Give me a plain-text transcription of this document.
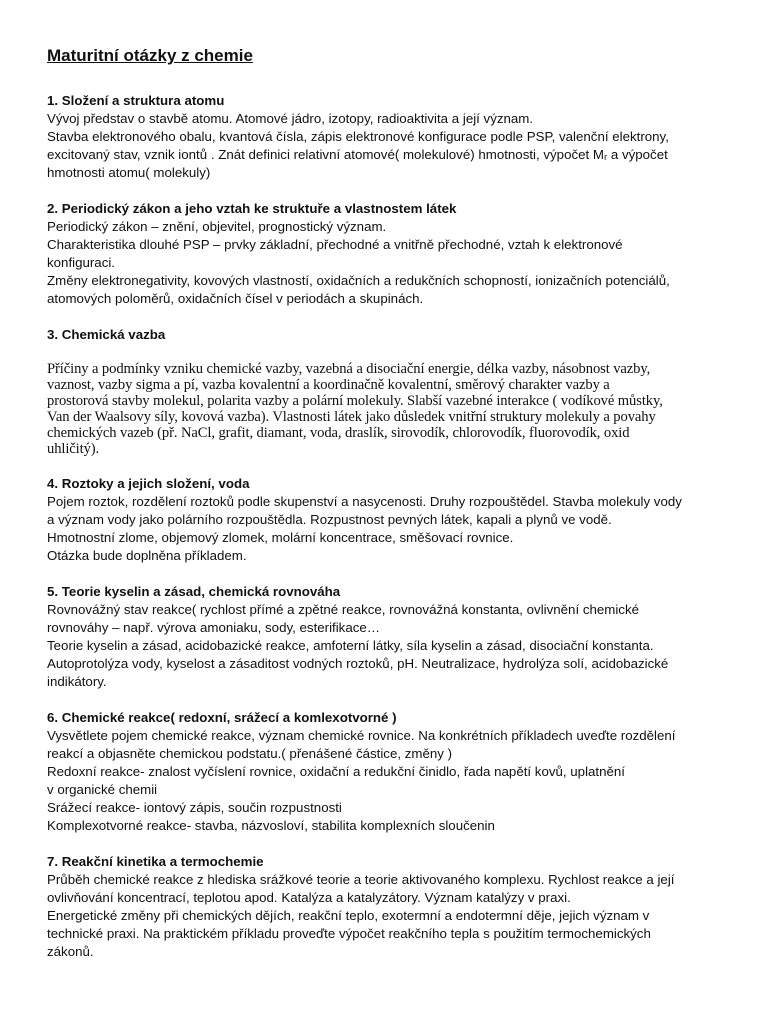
Maturitní otázky z chemie
1. Složení a struktura atomu
Vývoj představ o stavbě atomu. Atomové jádro, izotopy, radioaktivita a její význam.
Stavba elektronového obalu, kvantová čísla, zápis elektronové konfigurace podle PSP, valenční elektrony,
excitovaný stav, vznik iontů . Znát definici relativní atomové( molekulové) hmotnosti, výpočet Mᵣ a výpočet
hmotnosti atomu( molekuly)
2. Periodický zákon a jeho vztah ke struktuře a vlastnostem látek
Periodický zákon – znění, objevitel, prognostický význam.
Charakteristika dlouhé PSP – prvky základní, přechodné a vnitřně přechodné, vztah k elektronové
konfiguraci.
Změny elektronegativity, kovových vlastností, oxidačních a redukčních schopností, ionizačních potenciálů,
atomových poloměrů, oxidačních čísel v periodách a skupinách.
3. Chemická vazba
Příčiny a podmínky vzniku chemické vazby, vazebná a disociační energie, délka vazby, násobnost vazby,
vaznost, vazby sigma a pí, vazba kovalentní a koordinačně kovalentní, směrový charakter vazby a
prostorová stavby molekul, polarita vazby a polární molekuly. Slabší vazebné interakce ( vodíkové můstky,
Van der Waalsovy síly, kovová vazba). Vlastnosti látek jako důsledek vnitřní struktury molekuly a povahy
chemických vazeb (př. NaCl, grafit, diamant, voda, draslík, sirovodík, chlorovodík, fluorovodík, oxid
uhličitý).
4. Roztoky a jejich složení, voda
Pojem roztok, rozdělení roztoků podle skupenství a nasycenosti. Druhy rozpouštědel. Stavba molekuly vody
a význam vody jako polárního rozpouštědla. Rozpustnost pevných látek, kapali a plynů ve vodě.
Hmotnostní zlome, objemový zlomek, molární koncentrace, směšovací rovnice.
Otázka bude doplněna příkladem.
5. Teorie kyselin a zásad, chemická rovnováha
Rovnovážný stav reakce( rychlost přímé a zpětné reakce, rovnovážná konstanta, ovlivnění chemické
rovnováhy – např. výrova amoniaku, sody, esterifikace…
Teorie kyselin a zásad, acidobazické reakce, amfoterní látky, síla kyselin a zásad, disociační konstanta.
Autoprotolýza vody, kyselost a zásaditost vodných roztoků, pH. Neutralizace, hydrolýza solí, acidobazické
indikátory.
6. Chemické reakce( redoxní, srážecí a komlexotvorné )
Vysvětlete pojem chemické reakce, význam chemické rovnice. Na konkrétních příkladech uveďte rozdělení
reakcí a objasněte chemickou podstatu.( přenášené částice, změny )
Redoxní reakce- znalost vyčíslení rovnice, oxidační a redukční činidlo, řada napětí kovů, uplatnění
v organické chemii
Srážecí reakce- iontový zápis, součin rozpustnosti
Komplexotvorné reakce- stavba, názvosloví, stabilita komplexních sloučenin
7. Reakční kinetika a termochemie
Průběh chemické reakce z hlediska srážkové teorie a teorie aktivovaného komplexu. Rychlost reakce a její
ovlivňování koncentrací, teplotou apod. Katalýza a katalyzátory. Význam katalýzy v praxi.
Energetické změny při chemických dějích, reakční teplo, exotermní a endotermní děje, jejich význam v
technické praxi. Na praktickém příkladu proveďte výpočet reakčního tepla s použitím termochemických
zákonů.
